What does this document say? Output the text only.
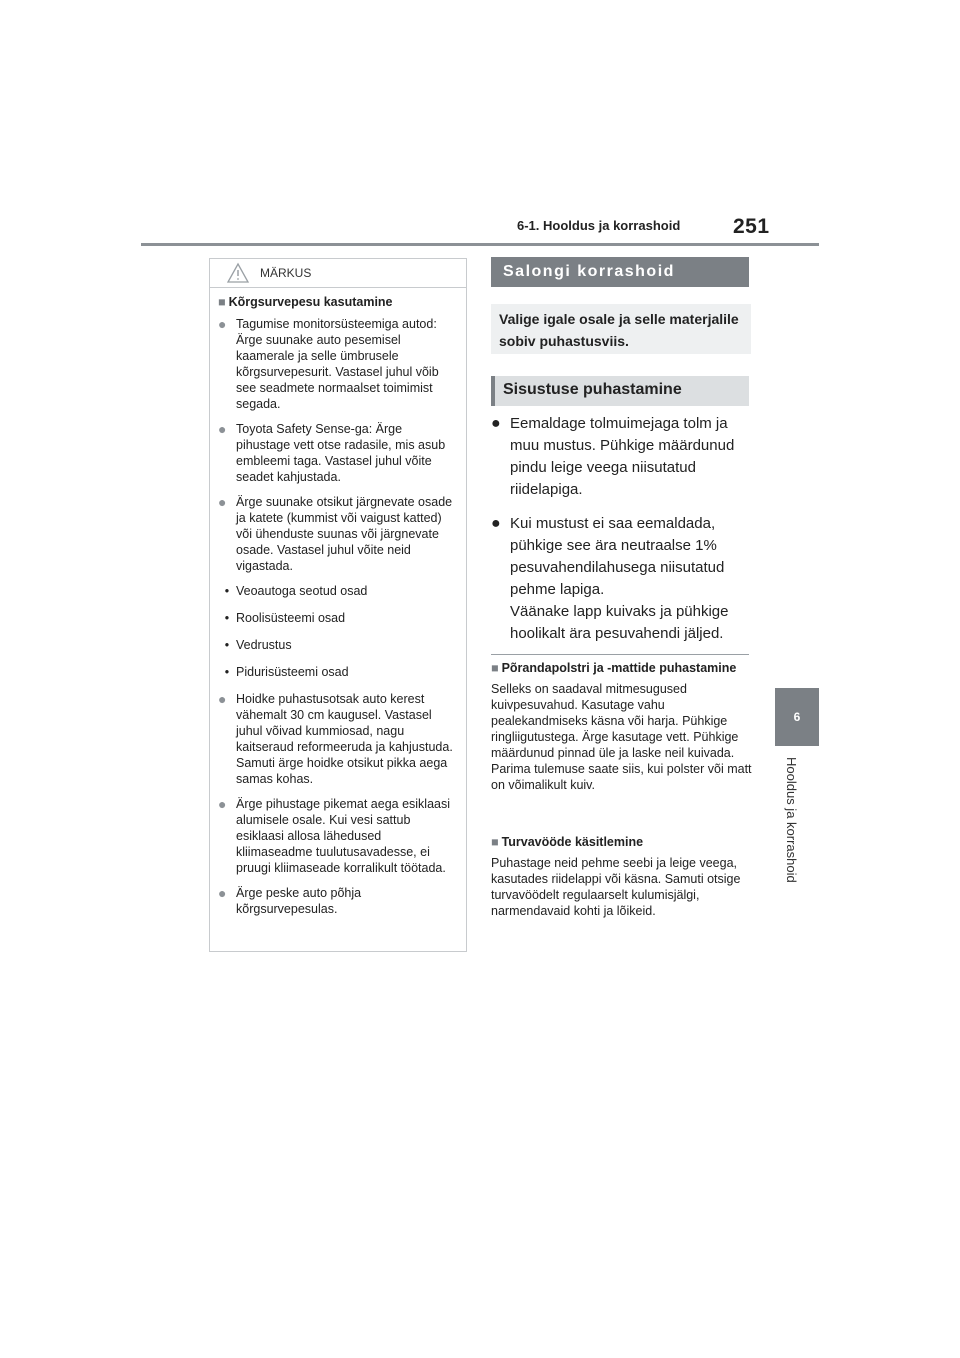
6-1. Hooldus ja korrashoid	251
6
Hooldus ja korrashoid
MÄRKUS
■ Kõrgsurvepesu kasutamine
● Tagumise monitorsüsteemiga autod: Ärge suunake auto pesemisel kaamerale ja selle ümbrusele kõrgsurvepesurit. Vastasel juhul võib see seadmete normaalset toimimist segada.
● Toyota Safety Sense-ga: Ärge pihustage vett otse radasile, mis asub embleemi taga. Vastasel juhul võite seadet kahjustada.
● Ärge suunake otsikut järgnevate osade ja katete (kummist või vaigust katted) või ühenduste suunas või järgnevate osade. Vastasel juhul võite neid vigastada.
• Veoautoga seotud osad
• Roolisüsteemi osad
• Vedrustus
• Pidurisüsteemi osad
● Hoidke puhastusotsak auto kerest vähemalt 30 cm kaugusel. Vastasel juhul võivad kummiosad, nagu kaitseraud reformeeruda ja kahjustuda. Samuti ärge hoidke otsikut pikka aega samas kohas.
● Ärge pihustage pikemat aega esiklaasi alumisele osale. Kui vesi sattub esiklaasi allosa lähedused kliimaseadme tuulutusavadesse, ei pruugi kliimaseade korralikult töötada.
● Ärge peske auto põhja kõrgsurvepesulas.
Salongi korrashoid
Valige igale osale ja selle materjalile sobiv puhastusviis.
Sisustuse puhastamine
● Eemaldage tolmuimejaga tolm ja muu mustus. Pühkige määrdunud pindu leige veega niisutatud riidelapiga.
● Kui mustust ei saa eemaldada, pühkige see ära neutraalse 1% pesuvahendilahusega niisutatud pehme lapiga.
Väänake lapp kuivaks ja pühkige hoolikalt ära pesuvahendi jäljed.
■ Põrandapolstri ja -mattide puhastamine
Selleks on saadaval mitmesugused kuivpesuvahud. Kasutage vahu pealekandmiseks käsna või harja. Pühkige ringliigutustega. Ärge kasutage vett. Pühkige määrdunud pinnad üle ja laske neil kuivada. Parima tulemuse saate siis, kui polster või matt on võimalikult kuiv.
■ Turvavööde käsitlemine
Puhastage neid pehme seebi ja leige veega, kasutades riidelappi või käsna. Samuti otsige turvavöödelt regulaarselt kulumisjälgi, narmendavaid kohti ja lõikeid.
